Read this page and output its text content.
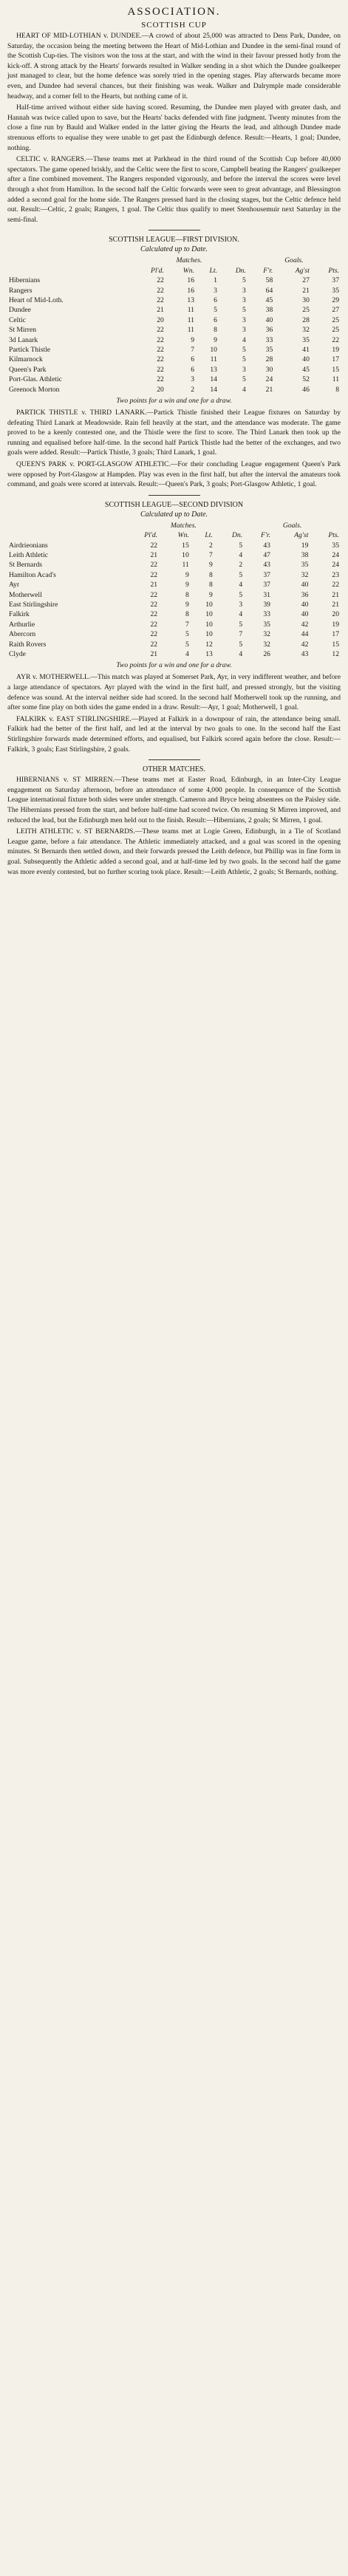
ASSOCIATION.
SCOTTISH CUP

HEART OF MID-LOTHIAN v. DUNDEE.—A crowd of about 25,000 was attracted to Dens Park, Dundee, on Saturday, the occasion being the meeting between the Heart of Mid-Lothian and Dundee in the semi-final round of the Scottish Cup-ties. The visitors won the toss at the start, and with the wind in their favour pressed hotly from the kick-off. A strong attack by the Hearts' forwards resulted in Walker sending in a shot which the Dundee goalkeeper just managed to clear, but the home defence was sorely tried in the opening stages. Play afterwards became more even, and Dundee had several chances, but their finishing was weak. Walker and Dalrymple made considerable headway, and a corner fell to the Hearts, but nothing came of it.

Half-time arrived without either side having scored. Resuming, the Dundee men played with greater dash, and Hannah was twice called upon to save, but the Hearts' backs defended with fine judgment. Twenty minutes from the close a fine run by Bauld and Walker ended in the latter giving the Hearts the lead, and although Dundee made strenuous efforts to equalise they were unable to get past the Edinburgh defence. Result:—Hearts, 1 goal; Dundee, nothing.

CELTIC v. RANGERS.—These teams met at Parkhead in the third round of the Scottish Cup before 40,000 spectators. The game opened briskly, and the Celtic were the first to score, Campbell beating the Rangers' goalkeeper after a fine combined movement. The Rangers responded vigorously, and before the interval the scores were level through a shot from Hamilton. In the second half the Celtic forwards were seen to great advantage, and Blessington added a second goal for the home side. The Rangers pressed hard in the closing stages, but the Celtic defence held out. Result:—Celtic, 2 goals; Rangers, 1 goal. The Celtic thus qualify to meet Stenhousemuir next Saturday in the semi-final.

SCOTTISH LEAGUE—FIRST DIVISION.
Calculated up to Date.
	Matches.				Goals.		
	Pl'd.	Wn.	Lt.	Dn.	F'r.	Ag'st	Pts.
Hibernians	22	16	1	5	58	27	37
Rangers	22	16	3	3	64	21	35
Heart of Mid-Loth.	22	13	6	3	45	30	29
Dundee	21	11	5	5	38	25	27
Celtic	20	11	6	3	40	28	25
St Mirren	22	11	8	3	36	32	25
3d Lanark	22	9	9	4	33	35	22
Partick Thistle	22	7	10	5	35	41	19
Kilmarnock	22	6	11	5	28	40	17
Queen's Park	22	6	13	3	30	45	15
Port-Glas. Athletic	22	3	14	5	24	52	11
Greenock Morton	20	2	14	4	21	46	8
Two points for a win and one for a draw.

PARTICK THISTLE v. THIRD LANARK.—Partick Thistle finished their League fixtures on Saturday by defeating Third Lanark at Meadowside. Rain fell heavily at the start, and the attendance was moderate. The game proved to be a keenly contested one, and the Thistle were the first to score. The Third Lanark then took up the running and equalised before half-time. In the second half Partick Thistle had the better of the exchanges, and two goals were added. Result:—Partick Thistle, 3 goals; Third Lanark, 1 goal.

QUEEN'S PARK v. PORT-GLASGOW ATHLETIC.—For their concluding League engagement Queen's Park were opposed by Port-Glasgow at Hampden. Play was even in the first half, but after the interval the amateurs took command, and goals were scored at intervals. Result:—Queen's Park, 3 goals; Port-Glasgow Athletic, 1 goal.

SCOTTISH LEAGUE—SECOND DIVISION
Calculated up to Date.
	Matches.				Goals.		
	Pl'd.	Wn.	Lt.	Dn.	F'r.	Ag'st	Pts.
Airdrieonians	22	15	2	5	43	19	35
Leith Athletic	21	10	7	4	47	38	24
St Bernards	22	11	9	2	43	35	24
Hamilton Acad's	22	9	8	5	37	32	23
Ayr	21	9	8	4	37	40	22
Motherwell	22	8	9	5	31	36	21
East Stirlingshire	22	9	10	3	39	40	21
Falkirk	22	8	10	4	33	40	20
Arthurlie	22	7	10	5	35	42	19
Abercorn	22	5	10	7	32	44	17
Raith Rovers	22	5	12	5	32	42	15
Clyde	21	4	13	4	26	43	12
Two points for a win and one for a draw.

AYR v. MOTHERWELL.—This match was played at Somerset Park, Ayr, in very indifferent weather, and before a large attendance of spectators. Ayr played with the wind in the first half, and pressed strongly, but the visiting defence was sound. At the interval neither side had scored. In the second half Motherwell took up the running, and after some fine play on both sides the game ended in a draw. Result:—Ayr, 1 goal; Motherwell, 1 goal.

FALKIRK v. EAST STIRLINGSHIRE.—Played at Falkirk in a downpour of rain, the attendance being small. Falkirk had the better of the first half, and led at the interval by two goals to one. In the second half the East Stirlingshire forwards made determined efforts, and equalised, but Falkirk scored again before the close. Result:—Falkirk, 3 goals; East Stirlingshire, 2 goals.

OTHER MATCHES.

HIBERNIANS v. ST MIRREN.—These teams met at Easter Road, Edinburgh, in an Inter-City League engagement on Saturday afternoon, before an attendance of some 4,000 people. In consequence of the Scottish League international fixture both sides were under strength. Cameron and Bryce being absentees on the Paisley side. The Hibernians pressed from the start, and before half-time had scored twice. On resuming St Mirren improved, and reduced the lead, but the Edinburgh men held out to the finish. Result:—Hibernians, 2 goals; St Mirren, 1 goal.

LEITH ATHLETIC v. ST BERNARDS.—These teams met at Logie Green, Edinburgh, in a Tie of Scotland League game, before a fair attendance. The Athletic immediately attacked, and a goal was scored in the opening minutes. St Bernards then settled down, and their forwards pressed the Leith defence, but Phillip was in fine form in goal. Subsequently the Athletic added a second goal, and at half-time led by two goals. In the second half the game was more evenly contested, but no further scoring took place. Result:—Leith Athletic, 2 goals; St Bernards, nothing.
